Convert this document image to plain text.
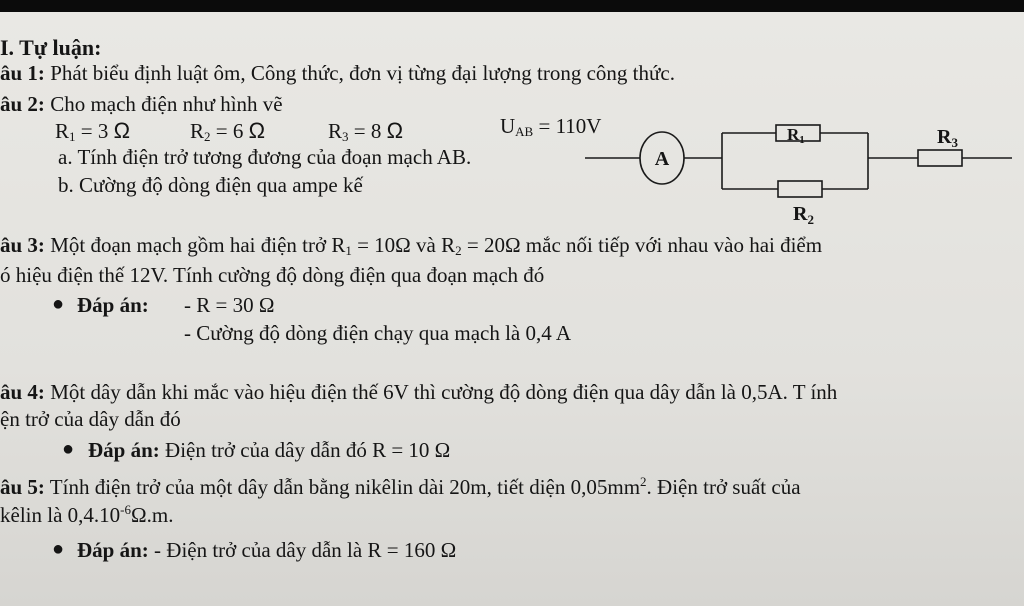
I. Tự luận:
âu 1: Phát biểu định luật ôm, Công thức, đơn vị từng đại lượng trong công thức.
âu 2: Cho mạch điện như hình vẽ
$R_1 = 3$ Ω	$R_2 = 6$ Ω	$R_3 = 8$ Ω	$U_{AB} = 110V$
a. Tính điện trở tương đương của đoạn mạch AB.
b. Cường độ dòng điện qua ampe kế
A
R1
$R_2$
$R_3$
âu 3: Một đoạn mạch gồm hai điện trở $R_1 = 10\Omega$ và $R_2 = 20\Omega$ mắc nối tiếp với nhau vào hai điểm
ó hiệu điện thế 12V. Tính cường độ dòng điện qua đoạn mạch đó
● Đáp án: - R = 30 Ω
- Cường độ dòng điện chạy qua mạch là 0,4 A
âu 4: Một dây dẫn khi mắc vào hiệu điện thế 6V thì cường độ dòng điện qua dây dẫn là 0,5A. T ính
ện trở của dây dẫn đó
● Đáp án: Điện trở của dây dẫn đó R = 10 Ω
âu 5: Tính điện trở của một dây dẫn bằng nikêlin dài 20m, tiết diện $0,05mm^2$. Điện trở suất của
kêlin là $0,4.10^{-6}\Omega.m$.
● Đáp án: - Điện trở của dây dẫn là R = 160 Ω
